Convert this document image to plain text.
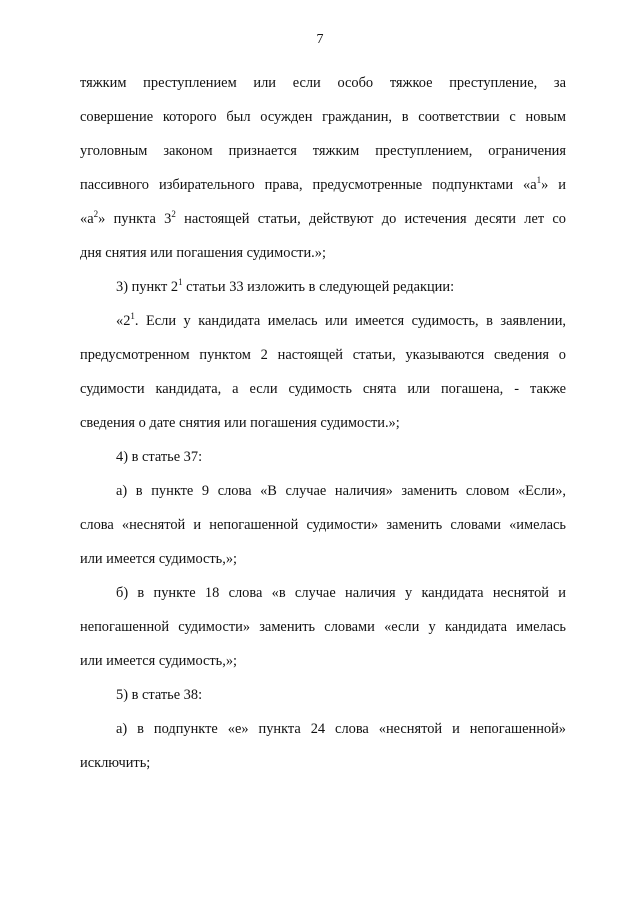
7

тяжким преступлением или если особо тяжкое преступление, за
совершение которого был осужден гражданин, в соответствии с новым
уголовным законом признается тяжким преступлением, ограничения
пассивного избирательного права, предусмотренные подпунктами «$а^1$» и
«$а^2$» пункта $3^2$ настоящей статьи, действуют до истечения десяти лет со
дня снятия или погашения судимости.»;

3) пункт $2^1$ статьи 33 изложить в следующей редакции:

«$2^1$. Если у кандидата имелась или имеется судимость, в заявлении,
предусмотренном пунктом 2 настоящей статьи, указываются сведения о
судимости кандидата, а если судимость снята или погашена, - также
сведения о дате снятия или погашения судимости.»;

4) в статье 37:

а) в пункте 9 слова «В случае наличия» заменить словом «Если»,
слова «неснятой и непогашенной судимости» заменить словами «имелась
или имеется судимость,»;

б) в пункте 18 слова «в случае наличия у кандидата неснятой и
непогашенной судимости» заменить словами «если у кандидата имелась
или имеется судимость,»;

5) в статье 38:

а) в подпункте «е» пункта 24 слова «неснятой и непогашенной»
исключить;
